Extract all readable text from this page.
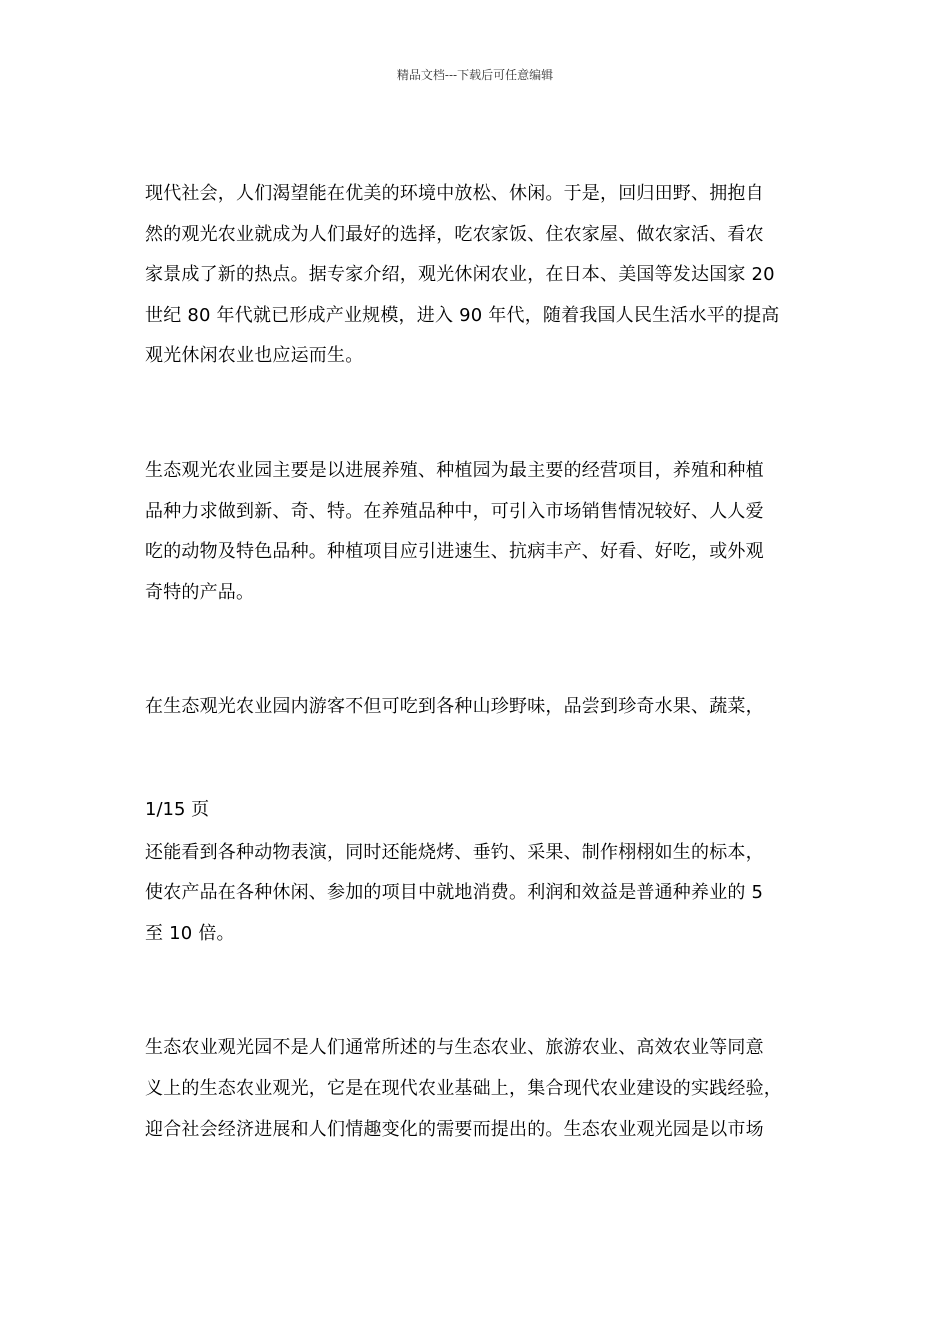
精品文档---下载后可任意编辑
现代社会，人们渴望能在优美的环境中放松、休闲。于是，回归田野、拥抱自
然的观光农业就成为人们最好的选择，吃农家饭、住农家屋、做农家活、看农
家景成了新的热点。据专家介绍，观光休闲农业，在日本、美国等发达国家 20
世纪 80 年代就已形成产业规模，进入 90 年代，随着我国人民生活水平的提高
观光休闲农业也应运而生。
生态观光农业园主要是以进展养殖、种植园为最主要的经营项目，养殖和种植
品种力求做到新、奇、特。在养殖品种中，可引入市场销售情况较好、人人爱
吃的动物及特色品种。种植项目应引进速生、抗病丰产、好看、好吃，或外观
奇特的产品。
在生态观光农业园内游客不但可吃到各种山珍野味，品尝到珍奇水果、蔬菜，
1/15 页
还能看到各种动物表演，同时还能烧烤、垂钓、采果、制作栩栩如生的标本，
使农产品在各种休闲、参加的项目中就地消费。利润和效益是普通种养业的 5
至 10 倍。
生态农业观光园不是人们通常所述的与生态农业、旅游农业、高效农业等同意
义上的生态农业观光，它是在现代农业基础上，集合现代农业建设的实践经验，
迎合社会经济进展和人们情趣变化的需要而提出的。生态农业观光园是以市场
